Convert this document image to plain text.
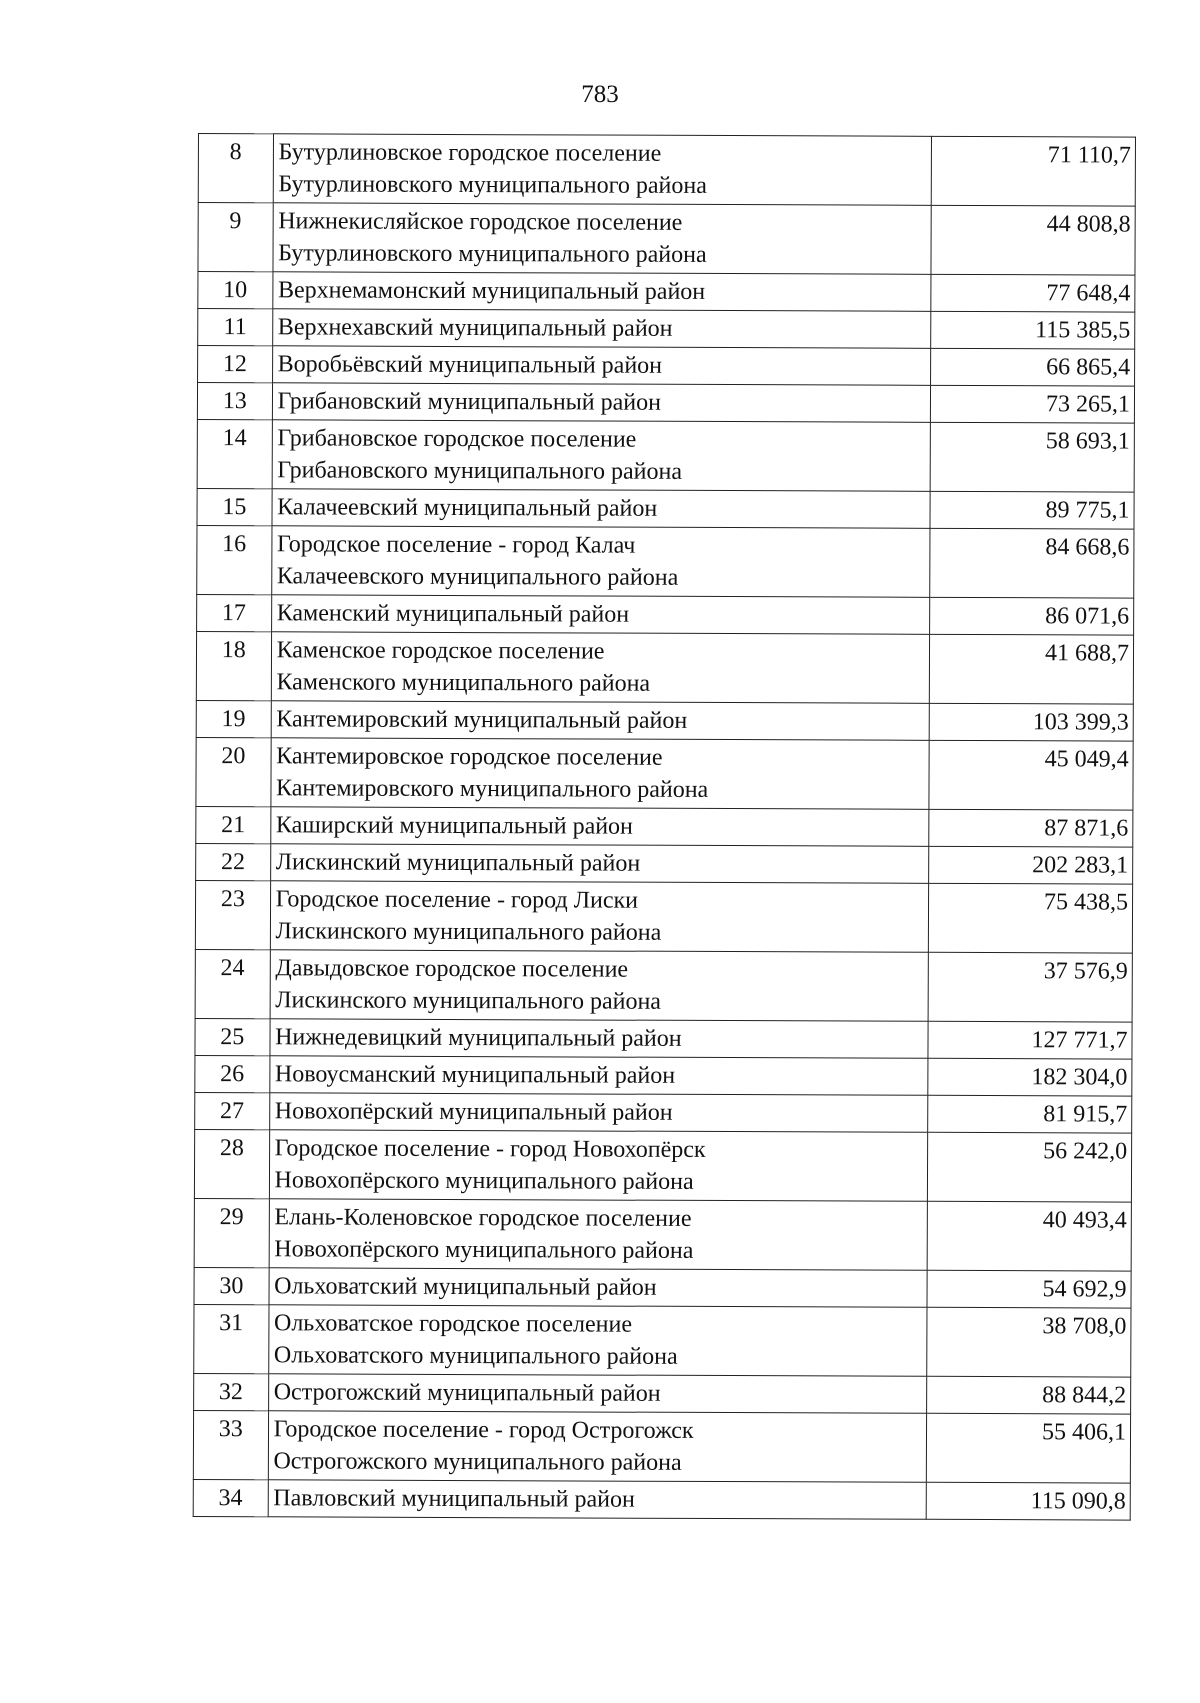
783
8	Бутурлиновское городское поселение
Бутурлиновского муниципального района	71 110,7
9	Нижнекисляйское городское поселение
Бутурлиновского муниципального района	44 808,8
10	Верхнемамонский муниципальный район	77 648,4
11	Верхнехавский муниципальный район	115 385,5
12	Воробьёвский муниципальный район	66 865,4
13	Грибановский муниципальный район	73 265,1
14	Грибановское городское поселение
Грибановского муниципального района	58 693,1
15	Калачеевский муниципальный район	89 775,1
16	Городское поселение - город Калач
Калачеевского муниципального района	84 668,6
17	Каменский муниципальный район	86 071,6
18	Каменское городское поселение
Каменского муниципального района	41 688,7
19	Кантемировский муниципальный район	103 399,3
20	Кантемировское городское поселение
Кантемировского муниципального района	45 049,4
21	Каширский муниципальный район	87 871,6
22	Лискинский муниципальный район	202 283,1
23	Городское поселение - город Лиски
Лискинского муниципального района	75 438,5
24	Давыдовское городское поселение
Лискинского муниципального района	37 576,9
25	Нижнедевицкий муниципальный район	127 771,7
26	Новоусманский муниципальный район	182 304,0
27	Новохопёрский муниципальный район	81 915,7
28	Городское поселение - город Новохопёрск
Новохопёрского муниципального района	56 242,0
29	Елань-Коленовское городское поселение
Новохопёрского муниципального района	40 493,4
30	Ольховатский муниципальный район	54 692,9
31	Ольховатское городское поселение
Ольховатского муниципального района	38 708,0
32	Острогожский муниципальный район	88 844,2
33	Городское поселение - город Острогожск
Острогожского муниципального района	55 406,1
34	Павловский муниципальный район	115 090,8
